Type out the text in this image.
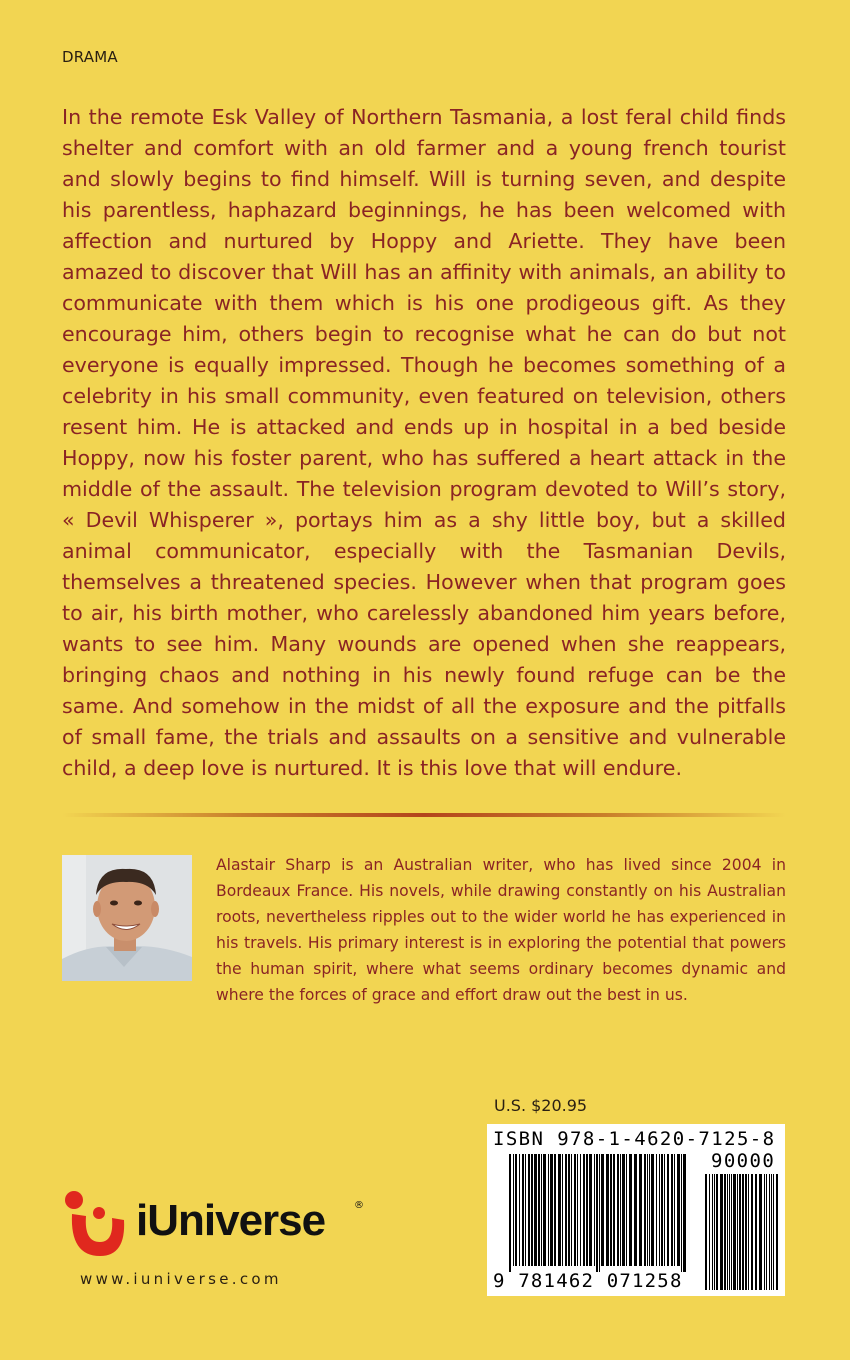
DRAMA

In the remote Esk Valley of Northern Tasmania, a lost feral child finds shelter and comfort with an old farmer and a young french tourist and slowly begins to find himself. Will is turning seven, and despite his parentless, haphazard beginnings, he has been welcomed with affection and nurtured by Hoppy and Ariette. They have been amazed to discover that Will has an affinity with animals, an ability to communicate with them which is his one prodigeous gift. As they encourage him, others begin to recognise what he can do but not everyone is equally impressed. Though he becomes something of a celebrity in his small community, even featured on television, others resent him. He is attacked and ends up in hospital in a bed beside Hoppy, now his foster parent, who has suffered a heart attack in the middle of the assault. The television program devoted to Will’s story, « Devil Whisperer », portays him as a shy little boy, but a skilled animal communicator, especially with the Tasmanian Devils, themselves a threatened species. However when that program goes to air, his birth mother, who carelessly abandoned him years before, wants to see him. Many wounds are opened when she reappears, bringing chaos and nothing in his newly found refuge can be the same. And somehow in the midst of all the exposure and the pitfalls of small fame, the trials and assaults on a sensitive and vulnerable child, a deep love is nurtured. It is this love that will endure.

Alastair Sharp is an Australian writer, who has lived since 2004 in Bordeaux France. His novels, while drawing constantly on his Australian roots, nevertheless ripples out to the wider world he has experienced in his travels. His primary interest is in exploring the potential that powers the human spirit, where what seems ordinary becomes dynamic and where the forces of grace and effort draw out the best in us.

U.S. $20.95
ISBN 978-1-4620-7125-8
90000
9 781462 071258
iUniverse	®
www.iuniverse.com
